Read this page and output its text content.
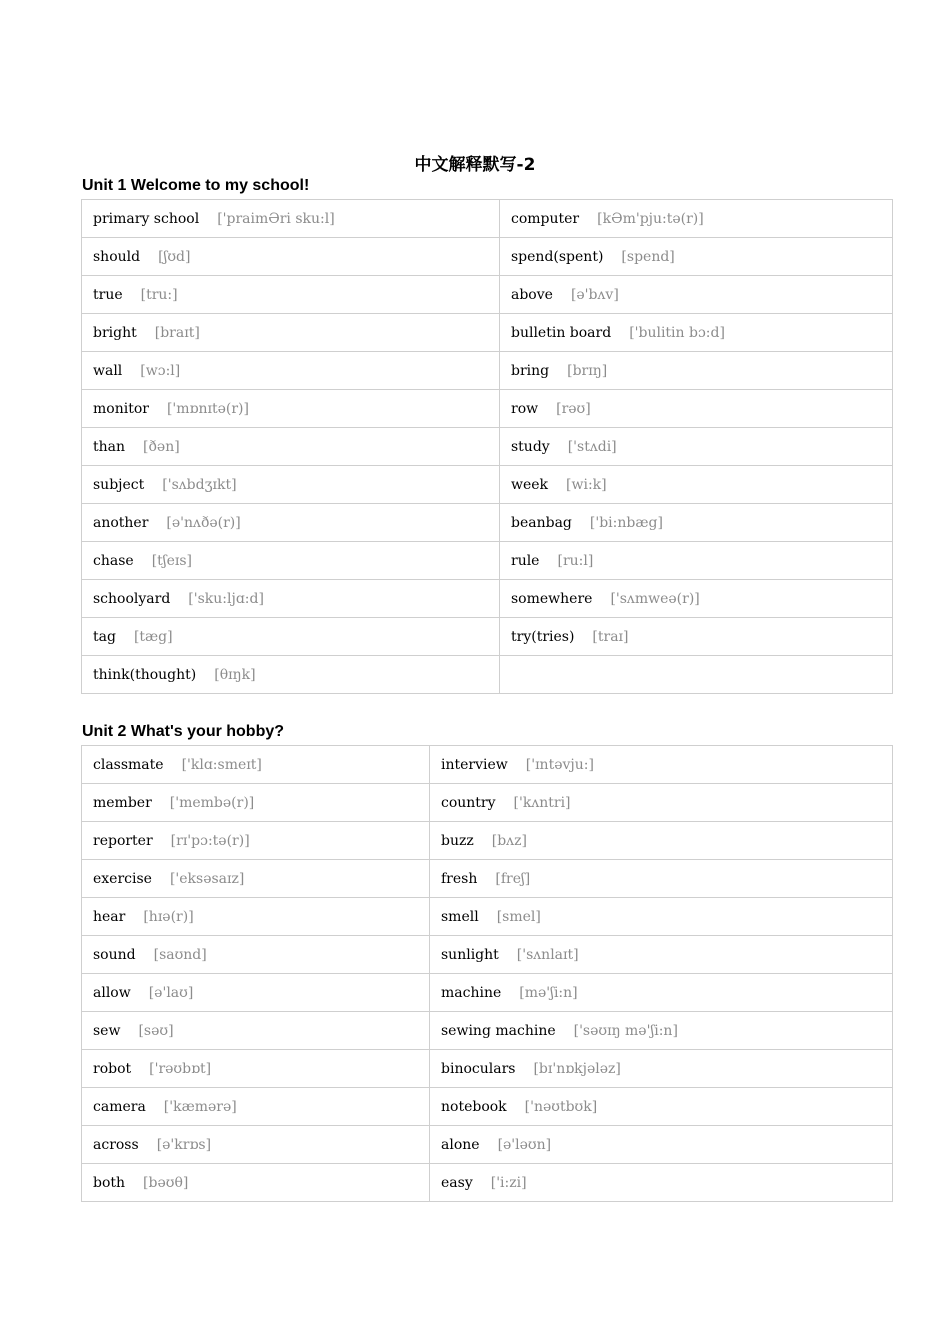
中文解释默写-2
Unit 1 Welcome to my school!
primary school ['praimƏri sku:l]	computer [kƏm'pju:tə(r)]
should [ʃʊd]	spend(spent) [spend]
true [tru:]	above [ə'bʌv]
bright [braɪt]	bulletin board ['bulitin bɔ:d]
wall [wɔ:l]	bring [brɪŋ]
monitor ['mɒnɪtə(r)]	row [rəʊ]
than [ðən]	study ['stʌdi]
subject ['sʌbdʒɪkt]	week [wi:k]
another [ə'nʌðə(r)]	beanbag ['bi:nbæg]
chase [tʃeɪs]	rule [ru:l]
schoolyard ['sku:ljɑ:d]	somewhere ['sʌmweə(r)]
tag [tæg]	try(tries) [traɪ]
think(thought) [θɪŋk]	
Unit 2 What's your hobby?
classmate ['klɑ:smeɪt]	interview ['ɪntəvju:]
member ['membə(r)]	country ['kʌntri]
reporter [rɪ'pɔ:tə(r)]	buzz [bʌz]
exercise ['eksəsaɪz]	fresh [freʃ]
hear [hɪə(r)]	smell [smel]
sound [saʊnd]	sunlight ['sʌnlaɪt]
allow [ə'laʊ]	machine [mə'ʃi:n]
sew [səʊ]	sewing machine ['səʊɪŋ mə'ʃi:n]
robot ['rəʊbɒt]	binoculars [bɪ'nɒkjələz]
camera ['kæmərə]	notebook ['nəʊtbʊk]
across [ə'krɒs]	alone [ə'ləʊn]
both [bəʊθ]	easy ['i:zi]
